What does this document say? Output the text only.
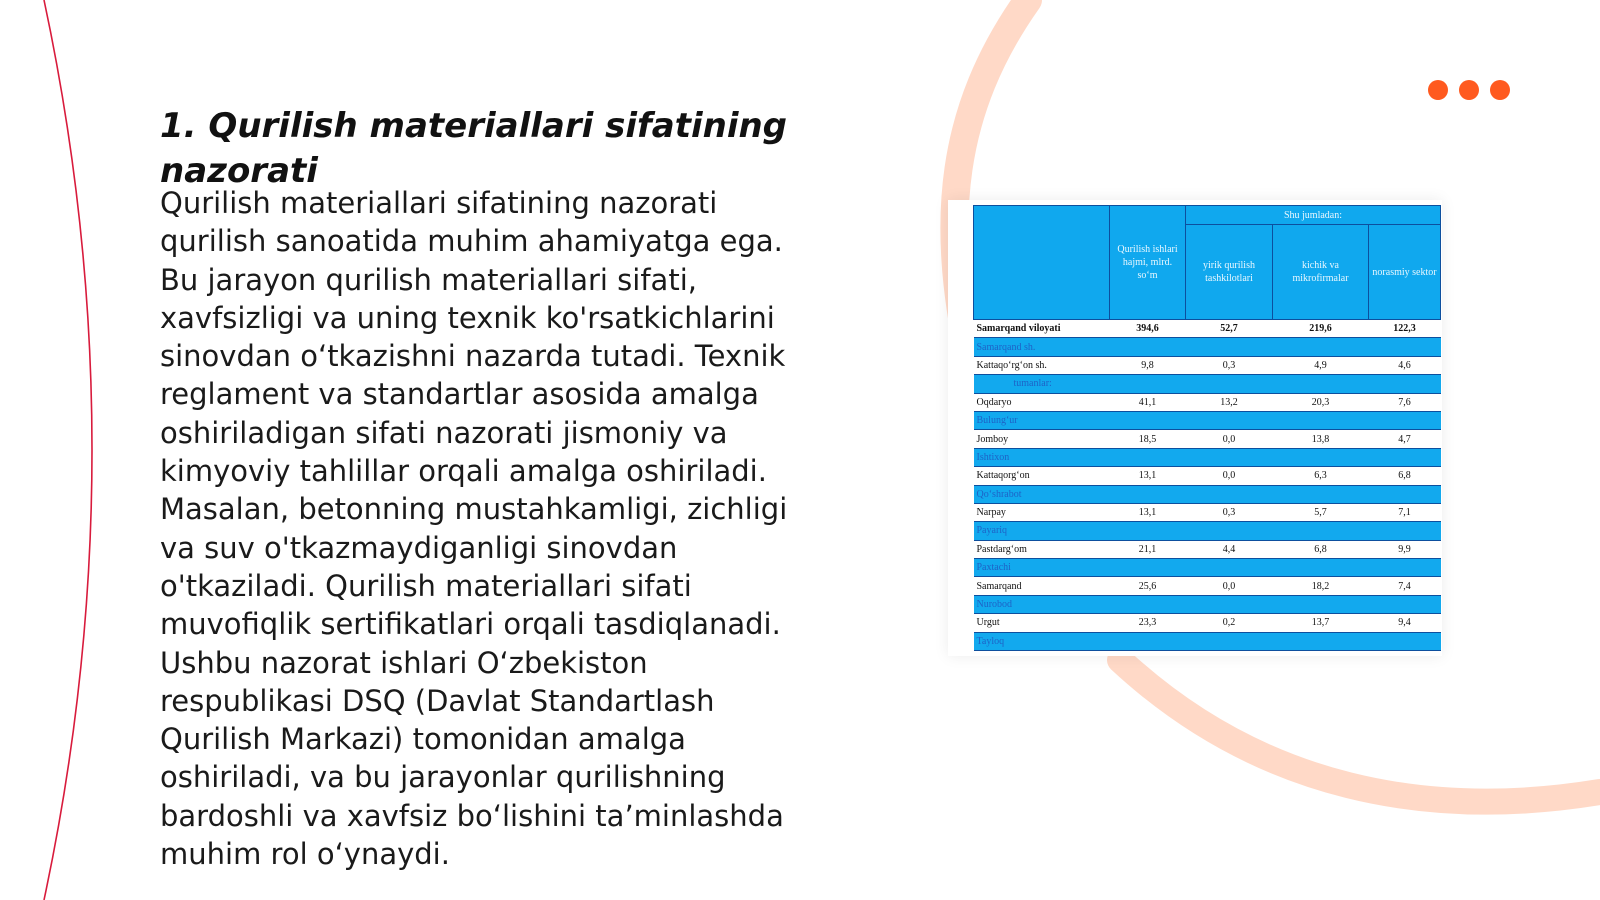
1. Qurilish materiallari sifatining nazorati

Qurilish materiallari sifatining nazorati qurilish sanoatida muhim ahamiyatga ega. Bu jarayon qurilish materiallari sifati, xavfsizligi va uning texnik ko'rsatkichlarini sinovdan o‘tkazishni nazarda tutadi. Texnik reglament va standartlar asosida amalga oshiriladigan sifati nazorati jismoniy va kimyoviy tahlillar orqali amalga oshiriladi. Masalan, betonning mustahkamligi, zichligi va suv o'tkazmaydiganligi sinovdan o'tkaziladi. Qurilish materiallari sifati muvofiqlik sertifikatlari orqali tasdiqlanadi. Ushbu nazorat ishlari O‘zbekiston respublikasi DSQ (Davlat Standartlash Qurilish Markazi) tomonidan amalga oshiriladi, va bu jarayonlar qurilishning bardoshli va xavfsiz bo‘lishini ta’minlashda muhim rol o‘ynaydi.

	Qurilish ishlari hajmi, mlrd. so‘m	Shu jumladan:		
		yirik qurilish tashkilotlari	kichik va mikrofirmalar	norasmiy sektor
Samarqand viloyati	394,6	52,7	219,6	122,3
Samarqand sh.				
Kattaqo‘rg‘on sh.	9,8	0,3	4,9	4,6
tumanlar:				
Oqdaryo	41,1	13,2	20,3	7,6
Bulung‘ur				
Jomboy	18,5	0,0	13,8	4,7
Ishtixon				
Kattaqorg‘on	13,1	0,0	6,3	6,8
Qo‘shrabot				
Narpay	13,1	0,3	5,7	7,1
Payariq				
Pastdarg‘om	21,1	4,4	6,8	9,9
Paxtachi				
Samarqand	25,6	0,0	18,2	7,4
Nurobod				
Urgut	23,3	0,2	13,7	9,4
Tayloq				
